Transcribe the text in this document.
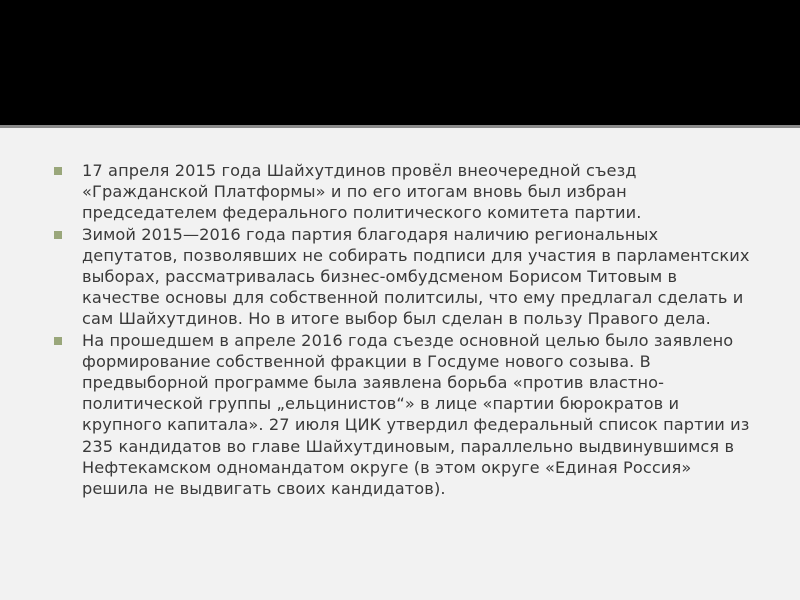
17 апреля 2015 года Шайхутдинов провёл внеочередной съезд «Гражданской Платформы» и по его итогам вновь был избран председателем федерального политического комитета партии.

Зимой 2015—2016 года партия благодаря наличию региональных депутатов, позволявших не собирать подписи для участия в парламентских выборах, рассматривалась бизнес-омбудсменом Борисом Титовым в качестве основы для собственной политсилы, что ему предлагал сделать и сам Шайхутдинов. Но в итоге выбор был сделан в пользу Правого дела.

На прошедшем в апреле 2016 года съезде основной целью было заявлено формирование собственной фракции в Госдуме нового созыва. В предвыборной программе была заявлена борьба «против властно-политической группы „ельцинистов“» в лице «партии бюрократов и крупного капитала». 27 июля ЦИК утвердил федеральный список партии из 235 кандидатов во главе Шайхутдиновым, параллельно выдвинувшимся в Нефтекамском одномандатом округе (в этом округе «Единая Россия» решила не выдвигать своих кандидатов).
